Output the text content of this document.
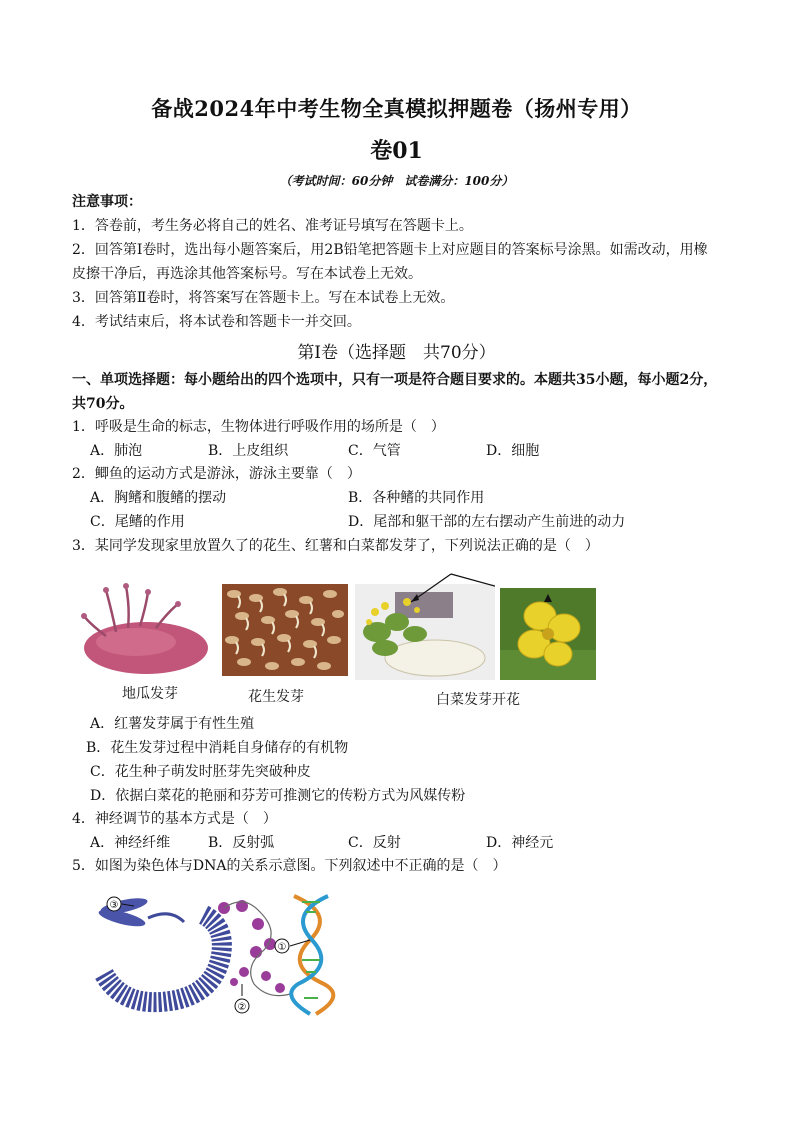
备战2024年中考生物全真模拟押题卷（扬州专用）
卷01
（考试时间：60分钟　试卷满分：100分）
注意事项：
1．答卷前，考生务必将自己的姓名、准考证号填写在答题卡上。
2．回答第Ⅰ卷时，选出每小题答案后，用2B铅笔把答题卡上对应题目的答案标号涂黑。如需改动，用橡
皮擦干净后，再选涂其他答案标号。写在本试卷上无效。
3．回答第Ⅱ卷时，将答案写在答题卡上。写在本试卷上无效。
4．考试结束后，将本试卷和答题卡一并交回。
第Ⅰ卷（选择题　共70分）
一、单项选择题：每小题给出的四个选项中，只有一项是符合题目要求的。本题共35小题，每小题2分，
共70分。
1．呼吸是生命的标志，生物体进行呼吸作用的场所是（　）
A．肺泡	B．上皮组织	C．气管	D．细胞
2．鲫鱼的运动方式是游泳，游泳主要靠（　）
A．胸鳍和腹鳍的摆动	B．各种鳍的共同作用
C．尾鳍的作用	D．尾部和躯干部的左右摆动产生前进的动力
3．某同学发现家里放置久了的花生、红薯和白菜都发芽了，下列说法正确的是（　）
地瓜发芽	花生发芽	白菜发芽开花
A．红薯发芽属于有性生殖
B．花生发芽过程中消耗自身储存的有机物
C．花生种子萌发时胚芽先突破种皮
D．依据白菜花的艳丽和芬芳可推测它的传粉方式为风媒传粉
4．神经调节的基本方式是（　）
A．神经纤维	B．反射弧	C．反射	D．神经元
5．如图为染色体与DNA的关系示意图。下列叙述中不正确的是（　）
③
①
②
